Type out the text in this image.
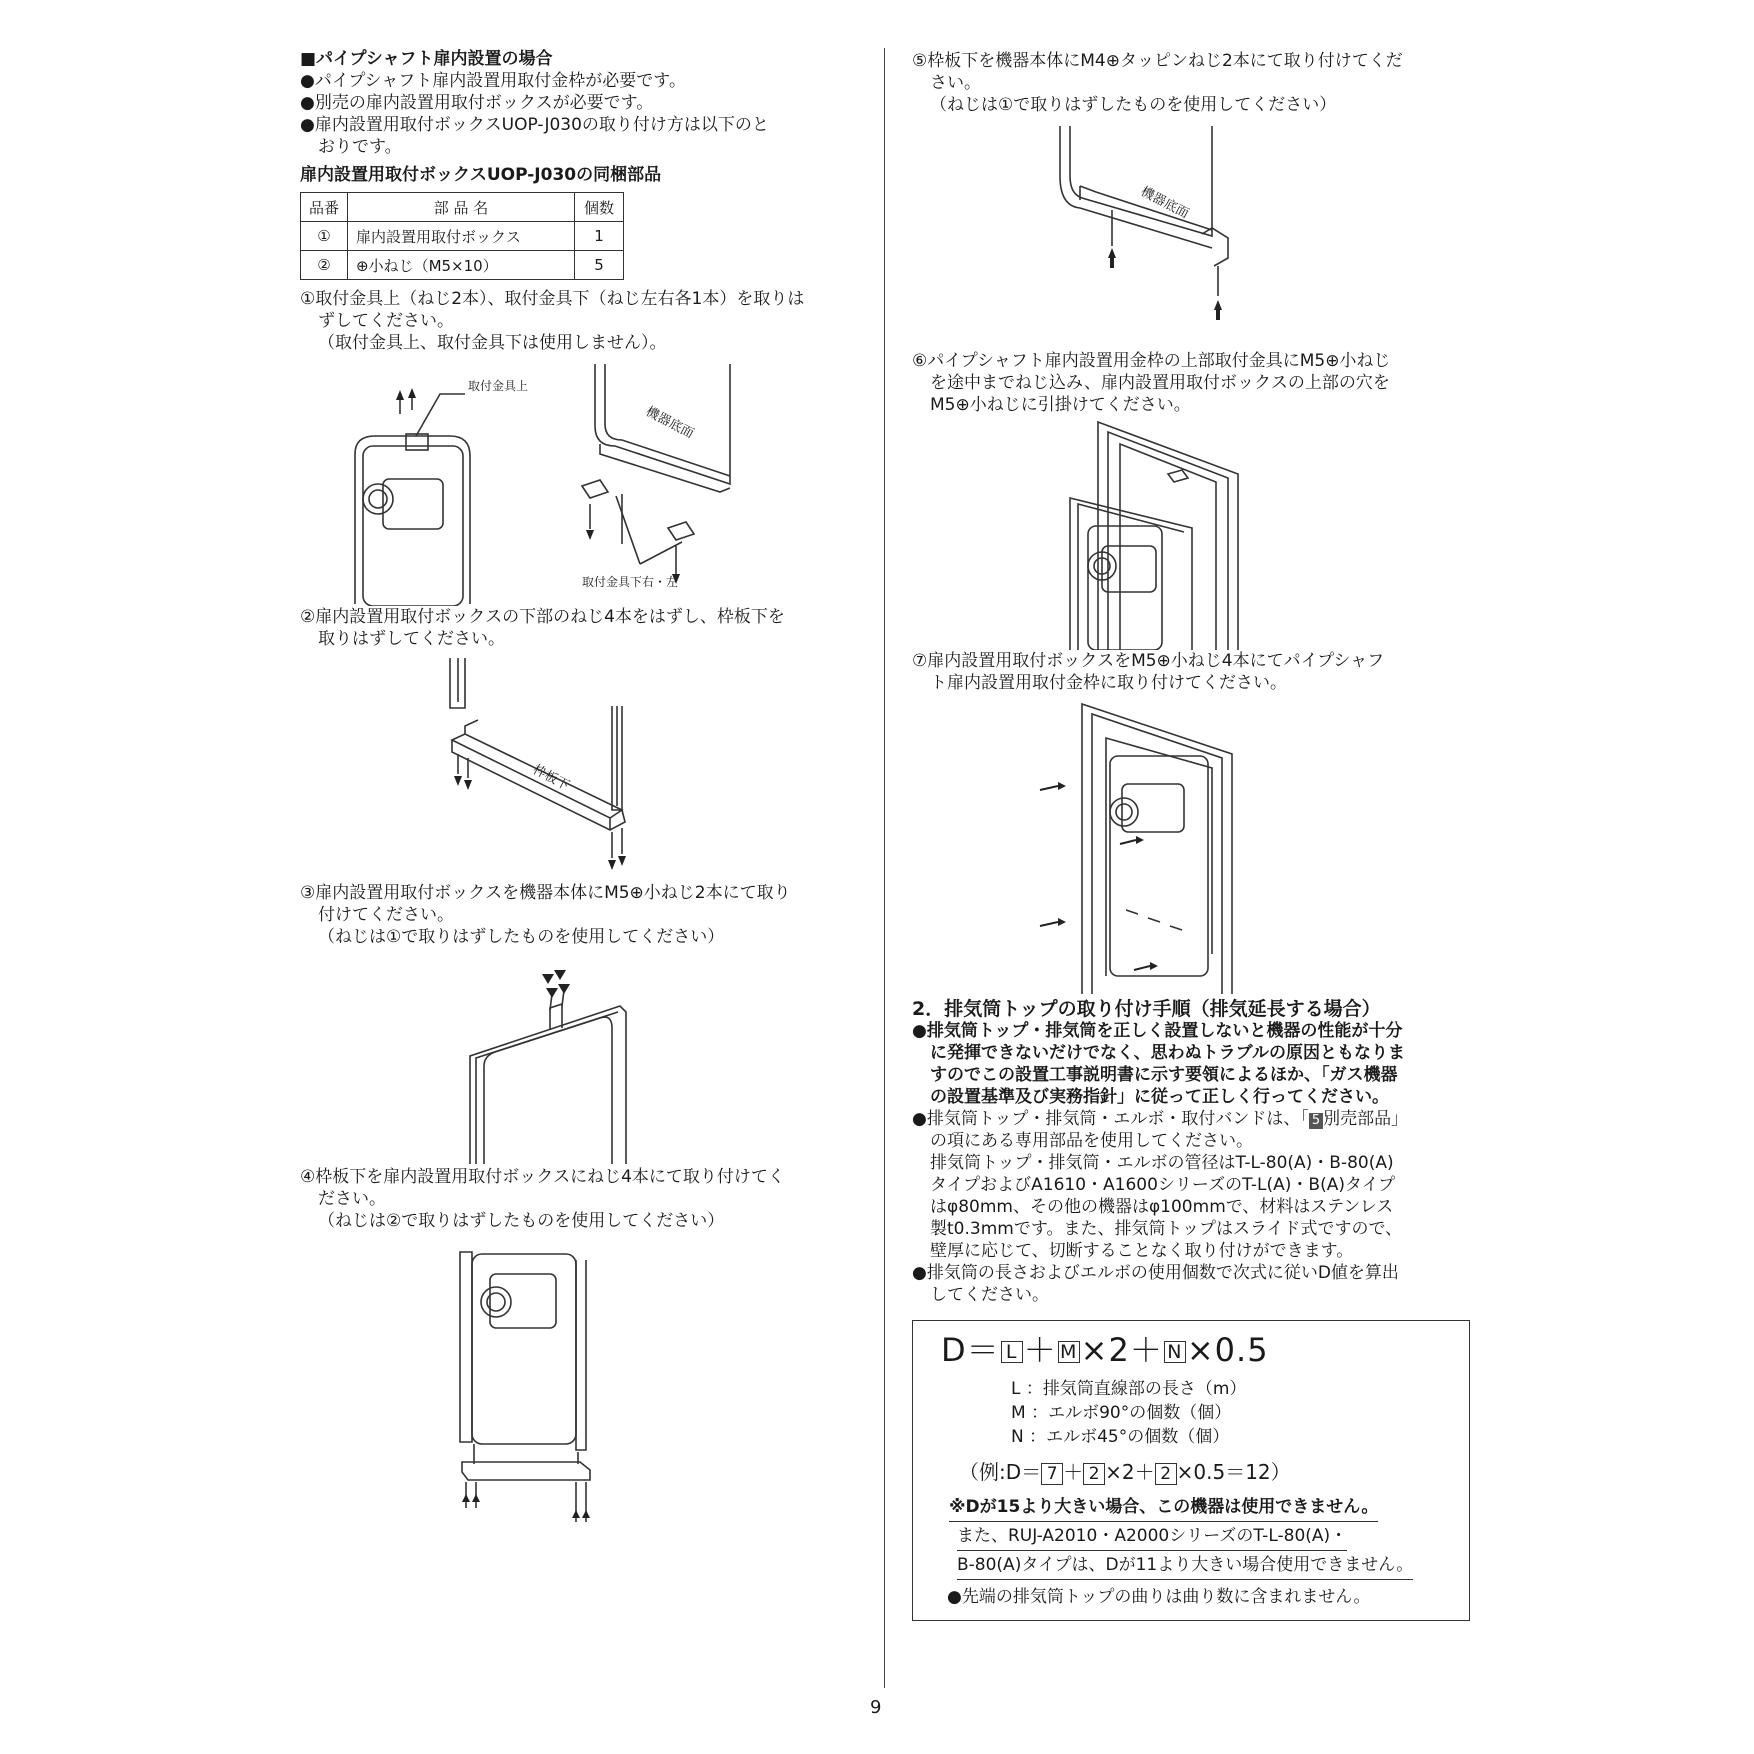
■パイプシャフト扉内設置の場合

●パイプシャフト扉内設置用取付金枠が必要です。

●別売の扉内設置用取付ボックスが必要です。

●扉内設置用取付ボックスUOP-J030の取り付け方は以下のと

おりです。

扉内設置用取付ボックスUOP-J030の同梱部品

品番	部 品 名	個数
①	扉内設置用取付ボックス	1
②	⊕小ねじ（M5×10）	5

①取付金具上（ねじ2本）、取付金具下（ねじ左右各1本）を取りは

ずしてください。

（取付金具上、取付金具下は使用しません）。

取付金具上
機器底面
取付金具下右・左

②扉内設置用取付ボックスの下部のねじ4本をはずし、枠板下を

取りはずしてください。

枠板下

③扉内設置用取付ボックスを機器本体にM5⊕小ねじ2本にて取り

付けてください。

（ねじは①で取りはずしたものを使用してください）

④枠板下を扉内設置用取付ボックスにねじ4本にて取り付けてく

ださい。

（ねじは②で取りはずしたものを使用してください）

⑤枠板下を機器本体にM4⊕タッピンねじ2本にて取り付けてくだ

さい。

（ねじは①で取りはずしたものを使用してください）

機器底面

⑥パイプシャフト扉内設置用金枠の上部取付金具にM5⊕小ねじ

を途中までねじ込み、扉内設置用取付ボックスの上部の穴を

M5⊕小ねじに引掛けてください。

⑦扉内設置用取付ボックスをM5⊕小ねじ4本にてパイプシャフ

ト扉内設置用取付金枠に取り付けてください。

2．排気筒トップの取り付け手順（排気延長する場合）

●排気筒トップ・排気筒を正しく設置しないと機器の性能が十分

に発揮できないだけでなく、思わぬトラブルの原因ともなりま

すのでこの設置工事説明書に示す要領によるほか、「ガス機器

の設置基準及び実務指針」に従って正しく行ってください。

●排気筒トップ・排気筒・エルボ・取付バンドは、「 5 別売部品」

の項にある専用部品を使用してください。

排気筒トップ・排気筒・エルボの管径はT-L-80(A)・B-80(A)

タイプおよびA1610・A1600シリーズのT-L(A)・B(A)タイプ

はφ80mm、その他の機器はφ100mmで、材料はステンレス

製t0.3mmです。また、排気筒トップはスライド式ですので、

壁厚に応じて、切断することなく取り付けができます。

●排気筒の長さおよびエルボの使用個数で次式に従いD値を算出

してください。

D＝ L ＋ M ×2＋ N ×0.5

L ：排気筒直線部の長さ（m）

M ：エルボ90°の個数（個）

N ：エルボ45°の個数（個）

（例:D＝ 7 ＋ 2 ×2＋ 2 ×0.5＝12）

※Dが15より大きい場合、この機器は使用できません。

また、RUJ-A2010・A2000シリーズのT-L-80(A)・

B-80(A)タイプは、Dが11より大きい場合使用できません。

●先端の排気筒トップの曲りは曲り数に含まれません。

9
